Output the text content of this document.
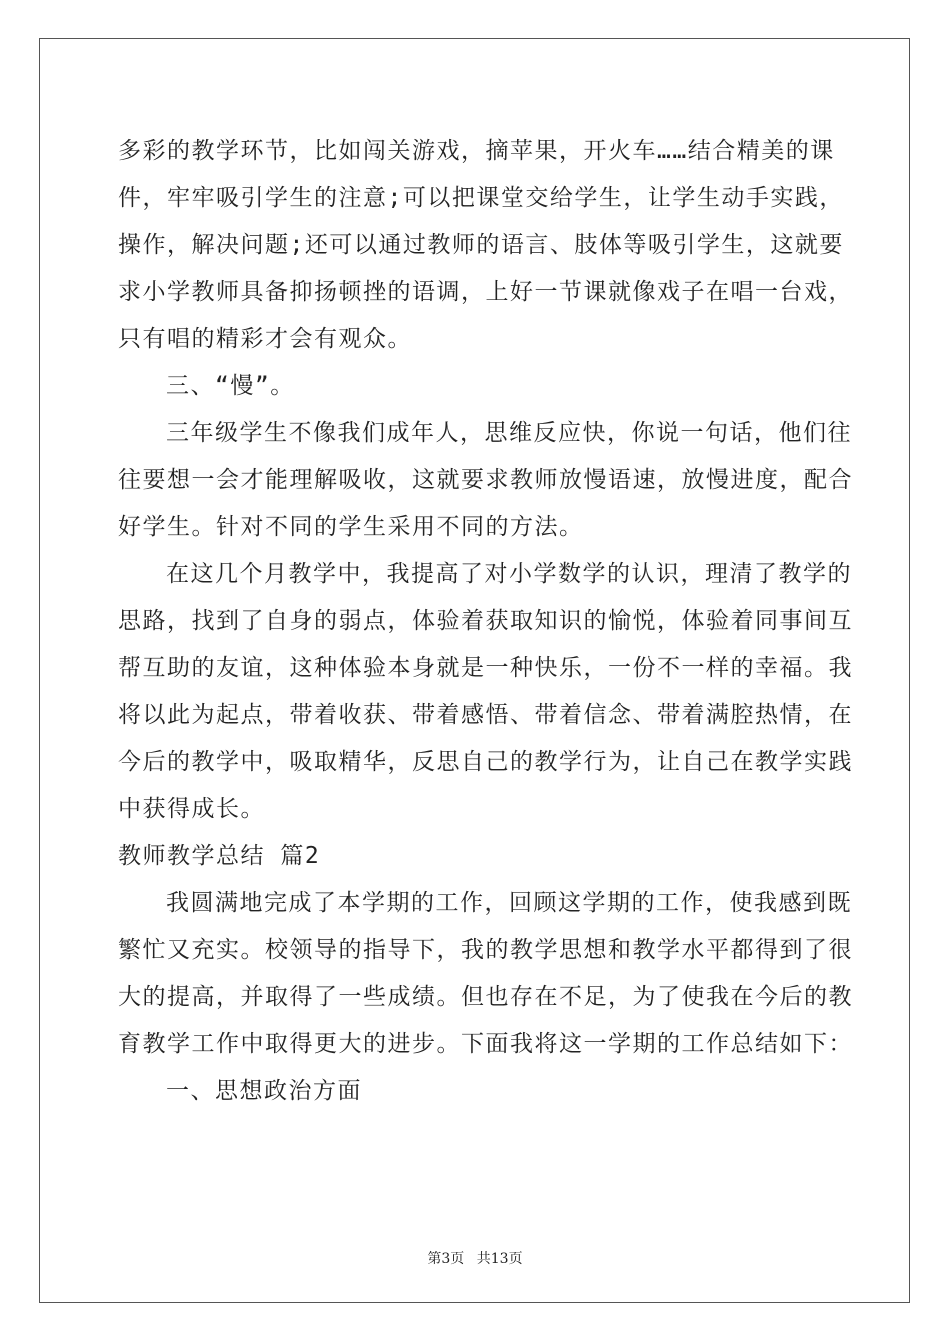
多彩的教学环节，比如闯关游戏，摘苹果，开火车……结合精美的课
件，牢牢吸引学生的注意;可以把课堂交给学生，让学生动手实践，
操作，解决问题;还可以通过教师的语言、肢体等吸引学生，这就要
求小学教师具备抑扬顿挫的语调，上好一节课就像戏子在唱一台戏，
只有唱的精彩才会有观众。
三、“慢”。
三年级学生不像我们成年人，思维反应快，你说一句话，他们往
往要想一会才能理解吸收，这就要求教师放慢语速，放慢进度，配合
好学生。针对不同的学生采用不同的方法。
在这几个月教学中，我提高了对小学数学的认识，理清了教学的
思路，找到了自身的弱点，体验着获取知识的愉悦，体验着同事间互
帮互助的友谊，这种体验本身就是一种快乐，一份不一样的幸福。我
将以此为起点，带着收获、带着感悟、带着信念、带着满腔热情，在
今后的教学中，吸取精华，反思自己的教学行为，让自己在教学实践
中获得成长。
教师教学总结 篇2
我圆满地完成了本学期的工作，回顾这学期的工作，使我感到既
繁忙又充实。校领导的指导下，我的教学思想和教学水平都得到了很
大的提高，并取得了一些成绩。但也存在不足，为了使我在今后的教
育教学工作中取得更大的进步。下面我将这一学期的工作总结如下：
一、思想政治方面
第3页 共13页
